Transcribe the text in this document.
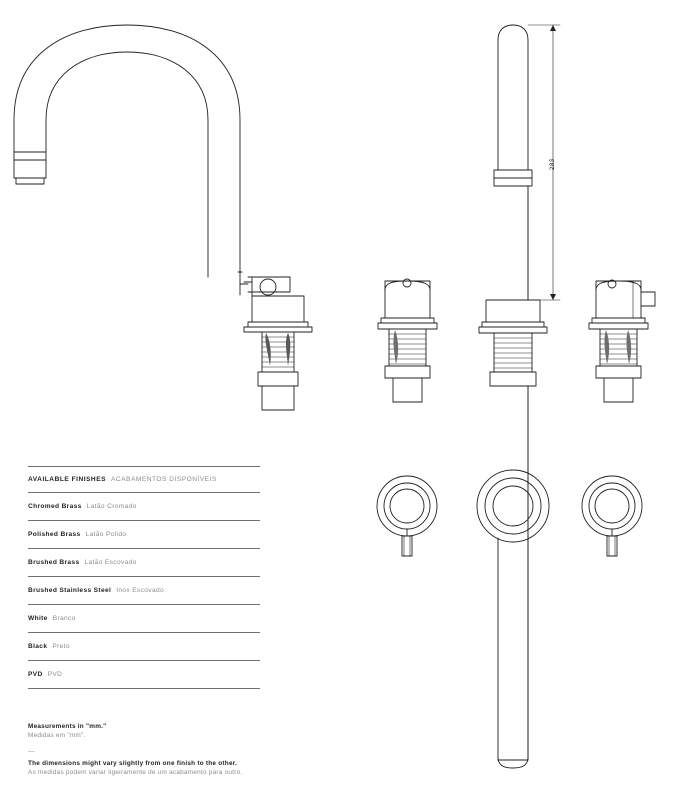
283
AVAILABLE FINISHES ACABAMENTOS DISPONÍVEIS
Chromed Brass Latão Cromado
Polished Brass Latão Polido
Brushed Brass Latão Escovado
Brushed Stainless Steel Inox Escovado
White Branco
Black Preto
PVD PVD
Measurements in "mm."
Medidas em "mm".
—
The dimensions might vary slightly from one finish to the other.
As medidas podem variar ligeiramente de um acabamento para outro.
